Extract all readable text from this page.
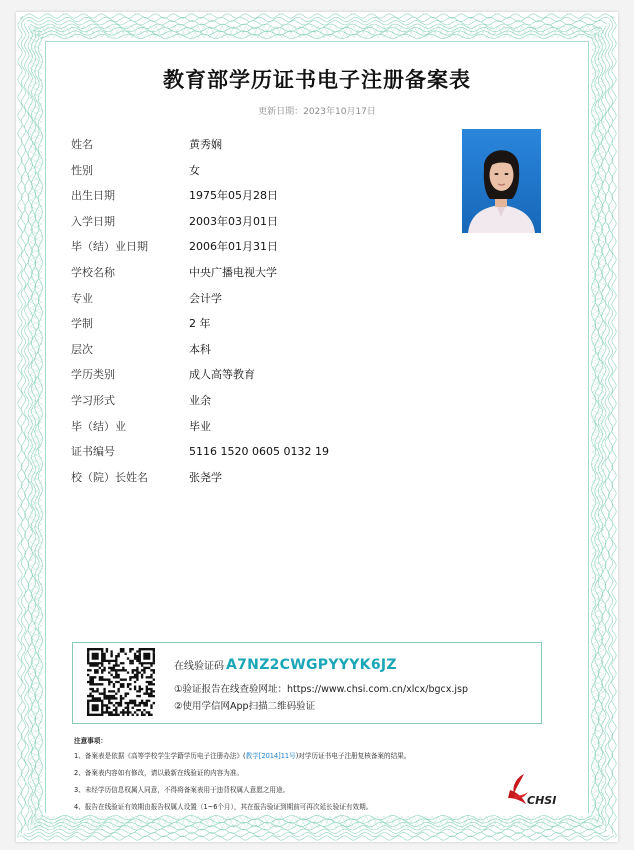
教育部学历证书电子注册备案表
更新日期：2023年10月17日
姓名	黄秀娴
性别	女
出生日期	1975年05月28日
入学日期	2003年03月01日
毕（结）业日期	2006年01月31日
学校名称	中央广播电视大学
专业	会计学
学制	2 年
层次	本科
学历类别	成人高等教育
学习形式	业余
毕（结）业	毕业
证书编号	5116 1520 0605 0132 19
校（院）长姓名	张尧学
在线验证码 A7NZ2CWGPYYYK6JZ
①验证报告在线查验网址：https://www.chsi.com.cn/xlcx/bgcx.jsp
②使用学信网App扫描二维码验证
注意事项：
1、备案表是依据《高等学校学生学籍学历电子注册办法》(教学[2014]11号)对学历证书电子注册复核备案的结果。
2、备案表内容如有修改，请以最新在线验证的内容为准。
3、未经学历信息权属人同意，不得将备案表用于违背权属人意愿之用途。
4、报告在线验证有效期由报告权属人设置（1~6个月），其在报告验证到期前可再次延长验证有效期。	CHSI
